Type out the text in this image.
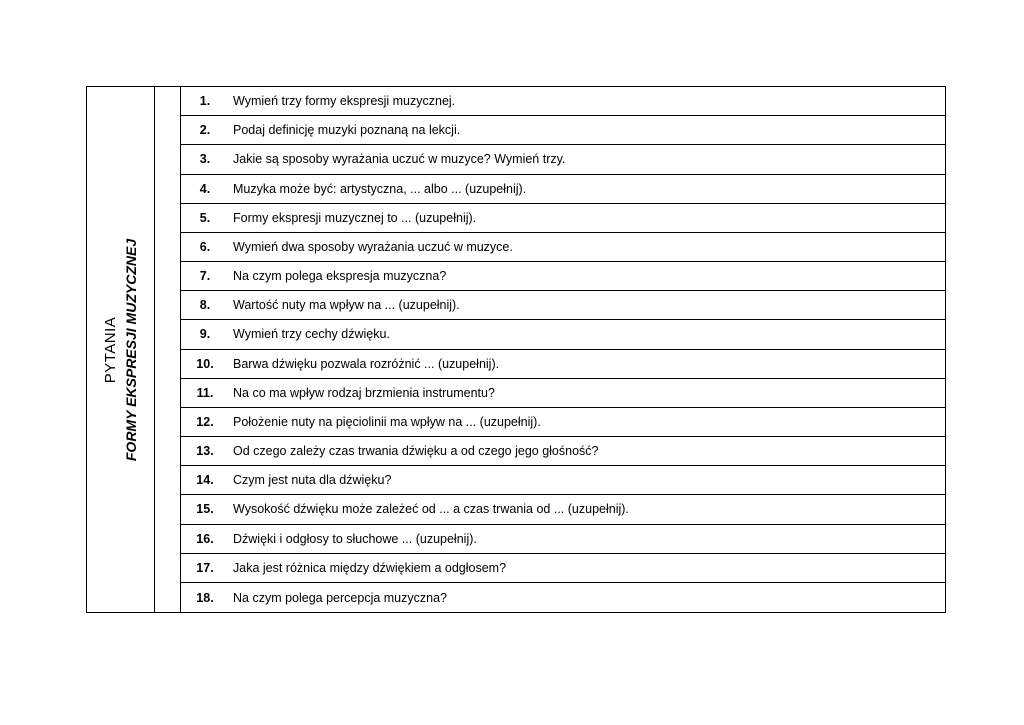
PYTANIA FORMY EKSPRESJI MUZYCZNEJ
1.	Wymień trzy formy ekspresji muzycznej.
2.	Podaj definicję muzyki poznaną na lekcji.
3.	Jakie są sposoby wyrażania uczuć w muzyce? Wymień trzy.
4.	Muzyka może być: artystyczna, ... albo ... (uzupełnij).
5.	Formy ekspresji muzycznej to ... (uzupełnij).
6.	Wymień dwa sposoby wyrażania uczuć w muzyce.
7.	Na czym polega ekspresja muzyczna?
8.	Wartość nuty ma wpływ na ... (uzupełnij).
9.	Wymień trzy cechy dźwięku.
10.	Barwa dźwięku pozwala rozróżnić ... (uzupełnij).
11.	Na co ma wpływ rodzaj brzmienia instrumentu?
12.	Położenie nuty na pięciolinii ma wpływ na ... (uzupełnij).
13.	Od czego zależy czas trwania dźwięku a od czego jego głośność?
14.	Czym jest nuta dla dźwięku?
15.	Wysokość dźwięku może zależeć od ... a czas trwania od ... (uzupełnij).
16.	Dźwięki i odgłosy to słuchowe ... (uzupełnij).
17.	Jaka jest różnica między dźwiękiem a odgłosem?
18.	Na czym polega percepcja muzyczna?
